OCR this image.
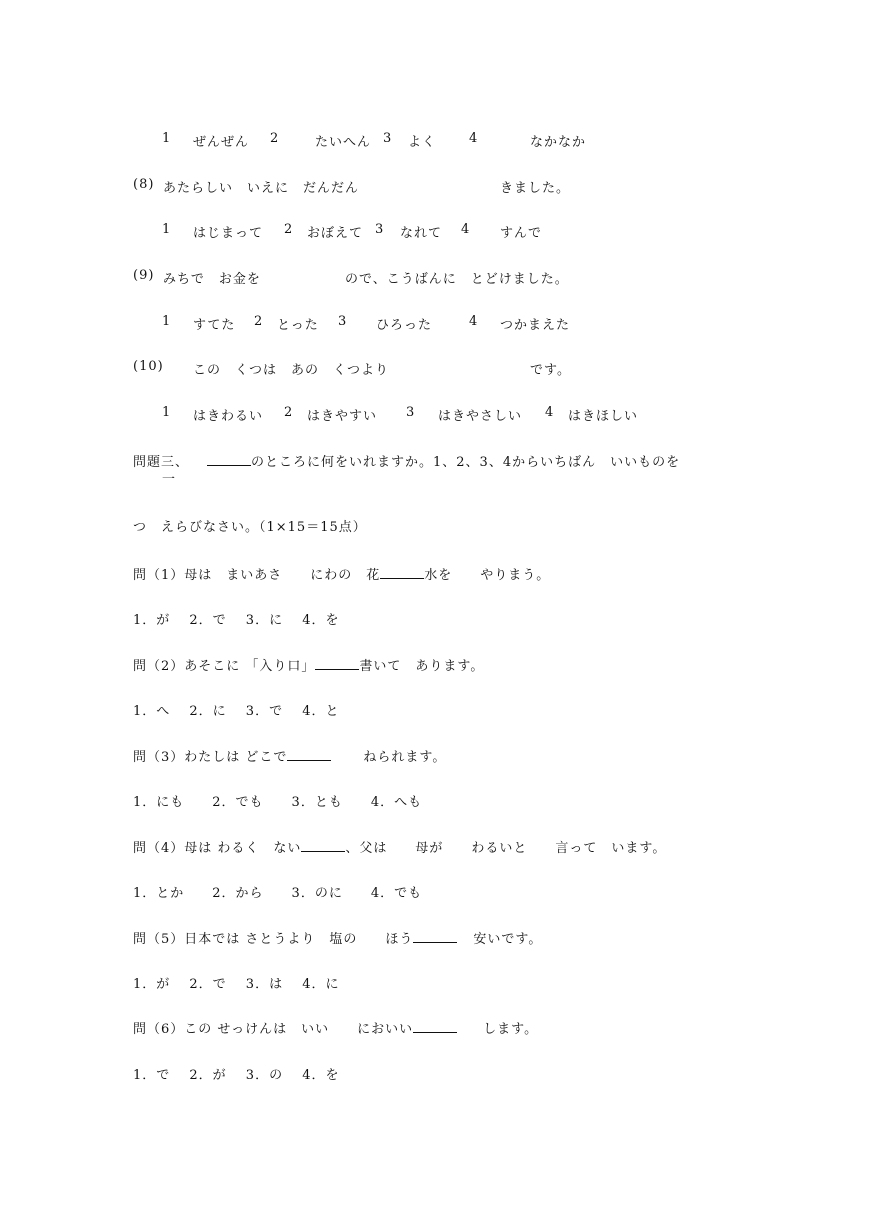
1 ぜんぜん 2	たいへん 3 よく	4	なかなか
(8) あたらしい　いえに　だんだん	きました。
1 はじまって 2 おぼえて 3 なれて 4 すんで
(9) みちで　お金を	ので、こうばんに　とどけました。
1 すてた 2 とった 3 ひろった	4 つかまえた
(10) この　くつは　あの　くつより	です。
1 はきわるい 2 はきやすい 3 はきやさしい 4 はきほしい
問題三、	のところに何をいれますか。1、2、3、4からいちばん　いいものを
一
つ　えらびなさい。（1×15＝15点）
問（1）母は　まいあさ　　にわの　花	水を　　やりまう。
1．が　 2．で　 3．に　 4．を
問（2）あそこに 「入り口」	書いて　あります。
1．へ　 2．に　 3．で　 4．と
問（3）わたしは どこで	ねられます。
1．にも　　2．でも　　3．とも　　4．へも
問（4）母は わるく　ない	、父は　　母が　　わるいと　　言って　います。
1．とか　　2．から　　3．のに　　4．でも
問（5）日本では さとうより　塩の　　ほう	安いです。
1．が　 2．で　 3．は　 4．に
問（6）この せっけんは　いい　　においい	します。
1．で　 2．が　 3．の　 4．を
